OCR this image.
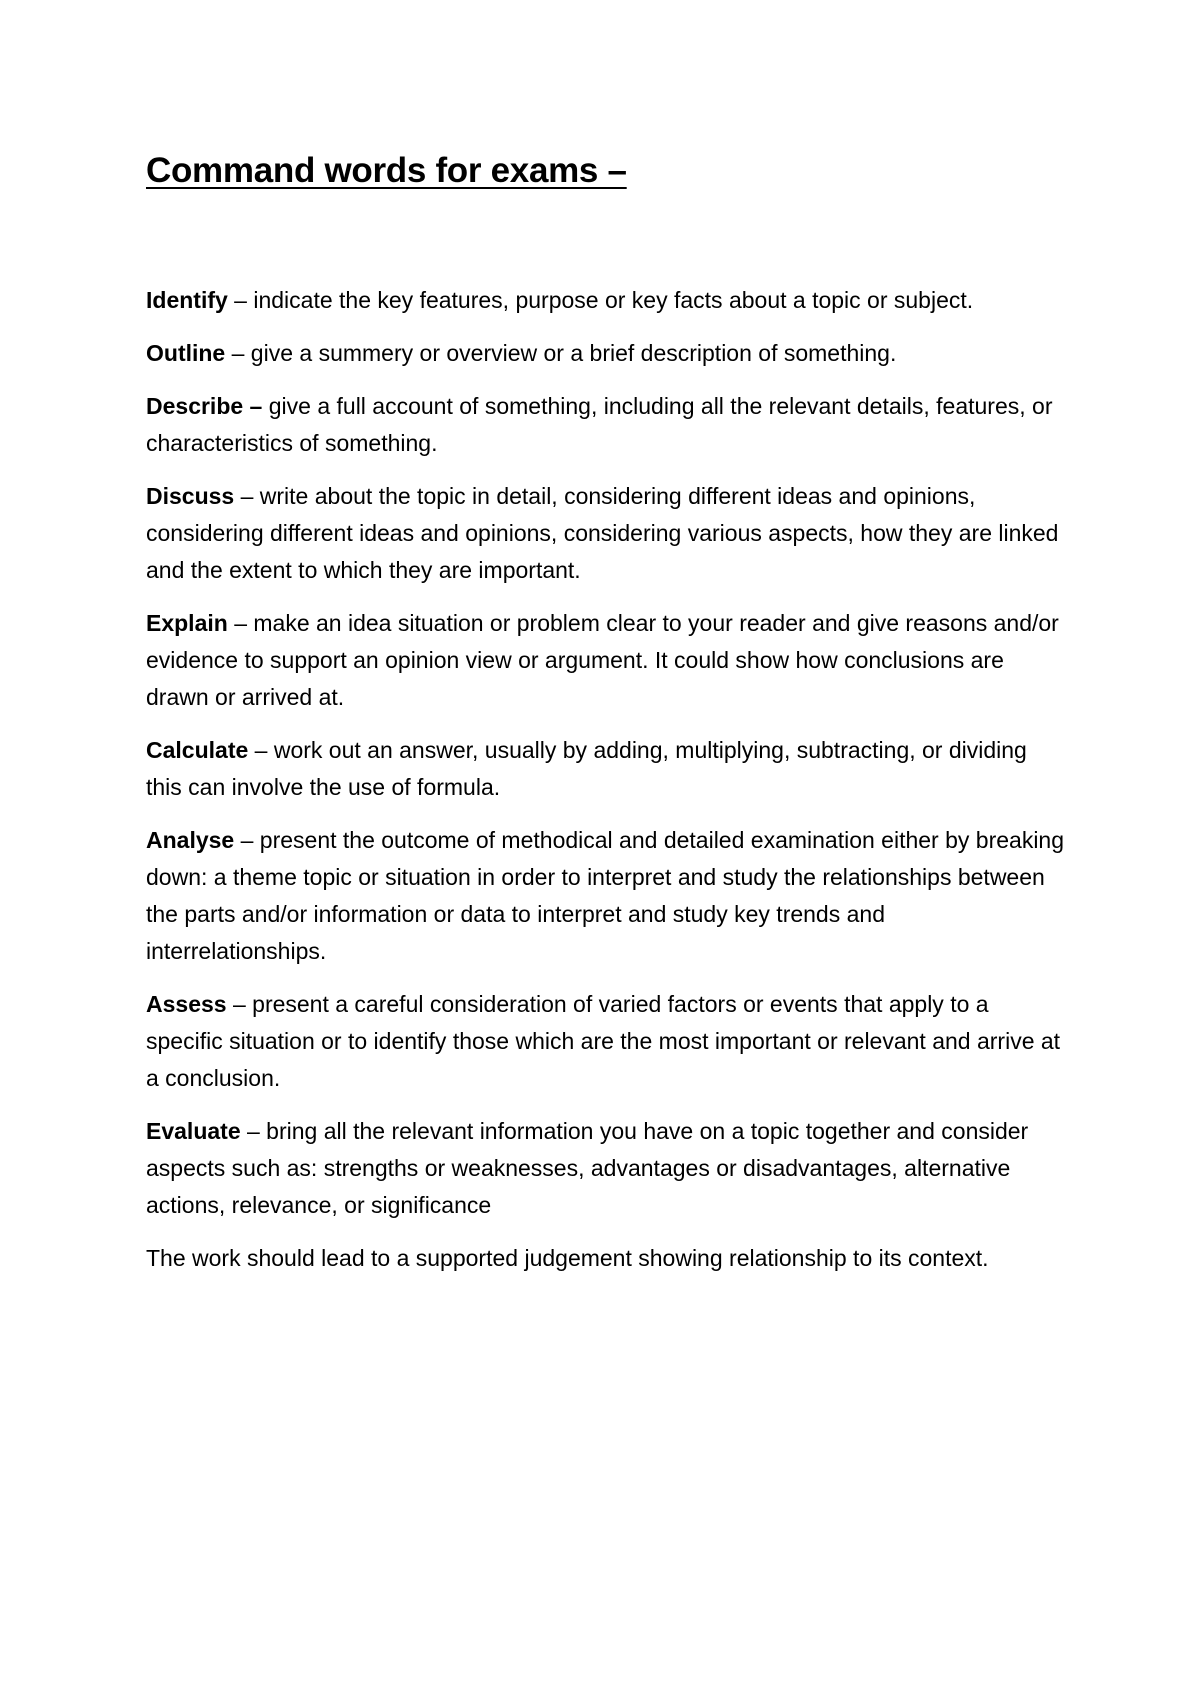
Command words for exams –

Identify – indicate the key features, purpose or key facts about a topic or subject.

Outline – give a summery or overview or a brief description of something.

Describe – give a full account of something, including all the relevant details, features, or characteristics of something.

Discuss – write about the topic in detail, considering different ideas and opinions, considering different ideas and opinions, considering various aspects, how they are linked and the extent to which they are important.

Explain – make an idea situation or problem clear to your reader and give reasons and/or evidence to support an opinion view or argument. It could show how conclusions are drawn or arrived at.

Calculate – work out an answer, usually by adding, multiplying, subtracting, or dividing this can involve the use of formula.

Analyse – present the outcome of methodical and detailed examination either by breaking down: a theme topic or situation in order to interpret and study the relationships between the parts and/or information or data to interpret and study key trends and interrelationships.

Assess – present a careful consideration of varied factors or events that apply to a specific situation or to identify those which are the most important or relevant and arrive at a conclusion.

Evaluate – bring all the relevant information you have on a topic together and consider aspects such as: strengths or weaknesses, advantages or disadvantages, alternative actions, relevance, or significance

The work should lead to a supported judgement showing relationship to its context.
